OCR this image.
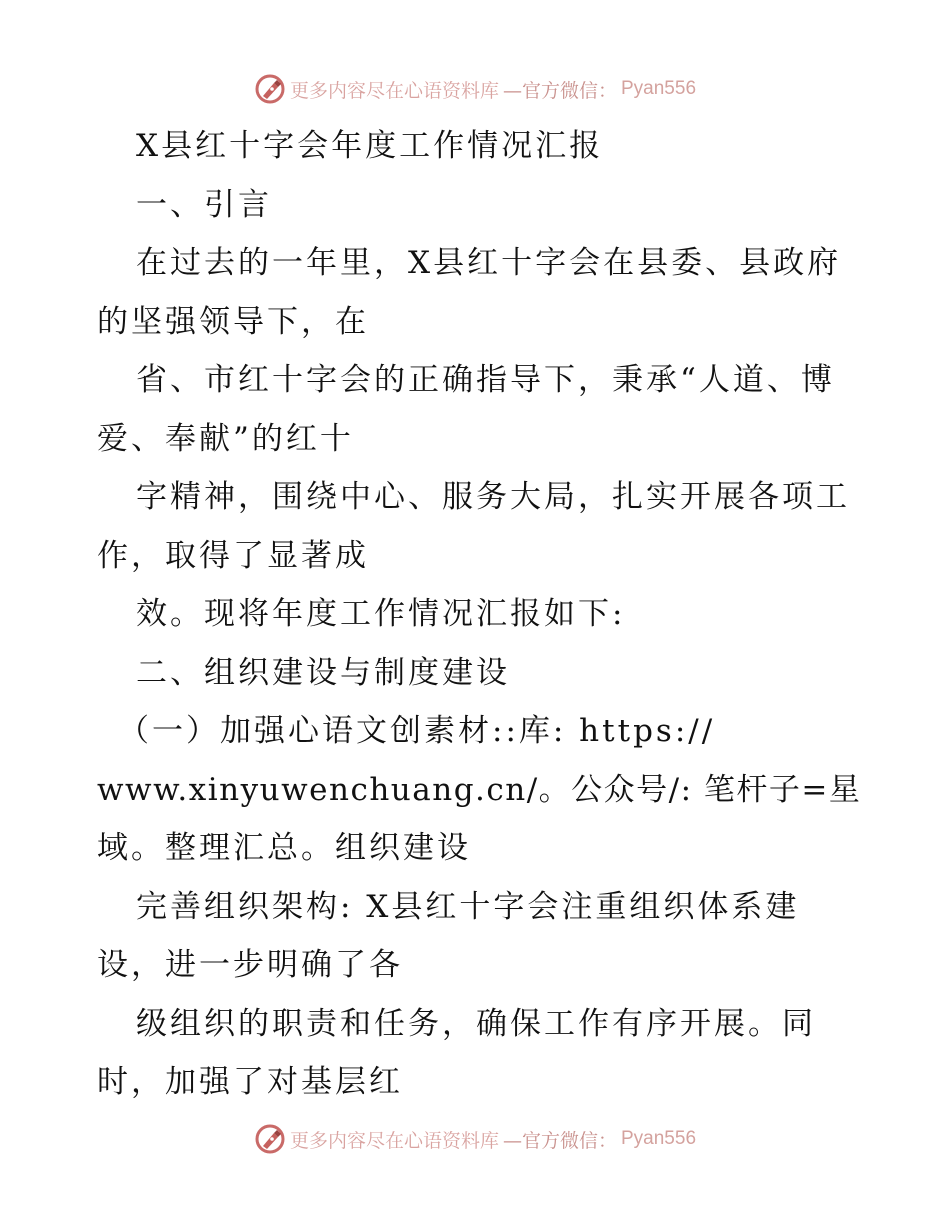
更多内容尽在心语资料库 —官方微信： Pyan556
X县红十字会年度工作情况汇报
一、引言
在过去的一年里，X县红十字会在县委、县政府
的坚强领导下，在
省、市红十字会的正确指导下，秉承“人道、博
爱、奉献”的红十
字精神，围绕中心、服务大局，扎实开展各项工
作，取得了显著成
效。现将年度工作情况汇报如下:
二、组织建设与制度建设
（一）加强心语文创素材::库: https://
www.xinyuwenchuang.cn/。公众号/: 笔杆子=星
域。整理汇总。组织建设
完善组织架构: X县红十字会注重组织体系建
设，进一步明确了各
级组织的职责和任务，确保工作有序开展。同
时，加强了对基层红
更多内容尽在心语资料库 —官方微信： Pyan556
